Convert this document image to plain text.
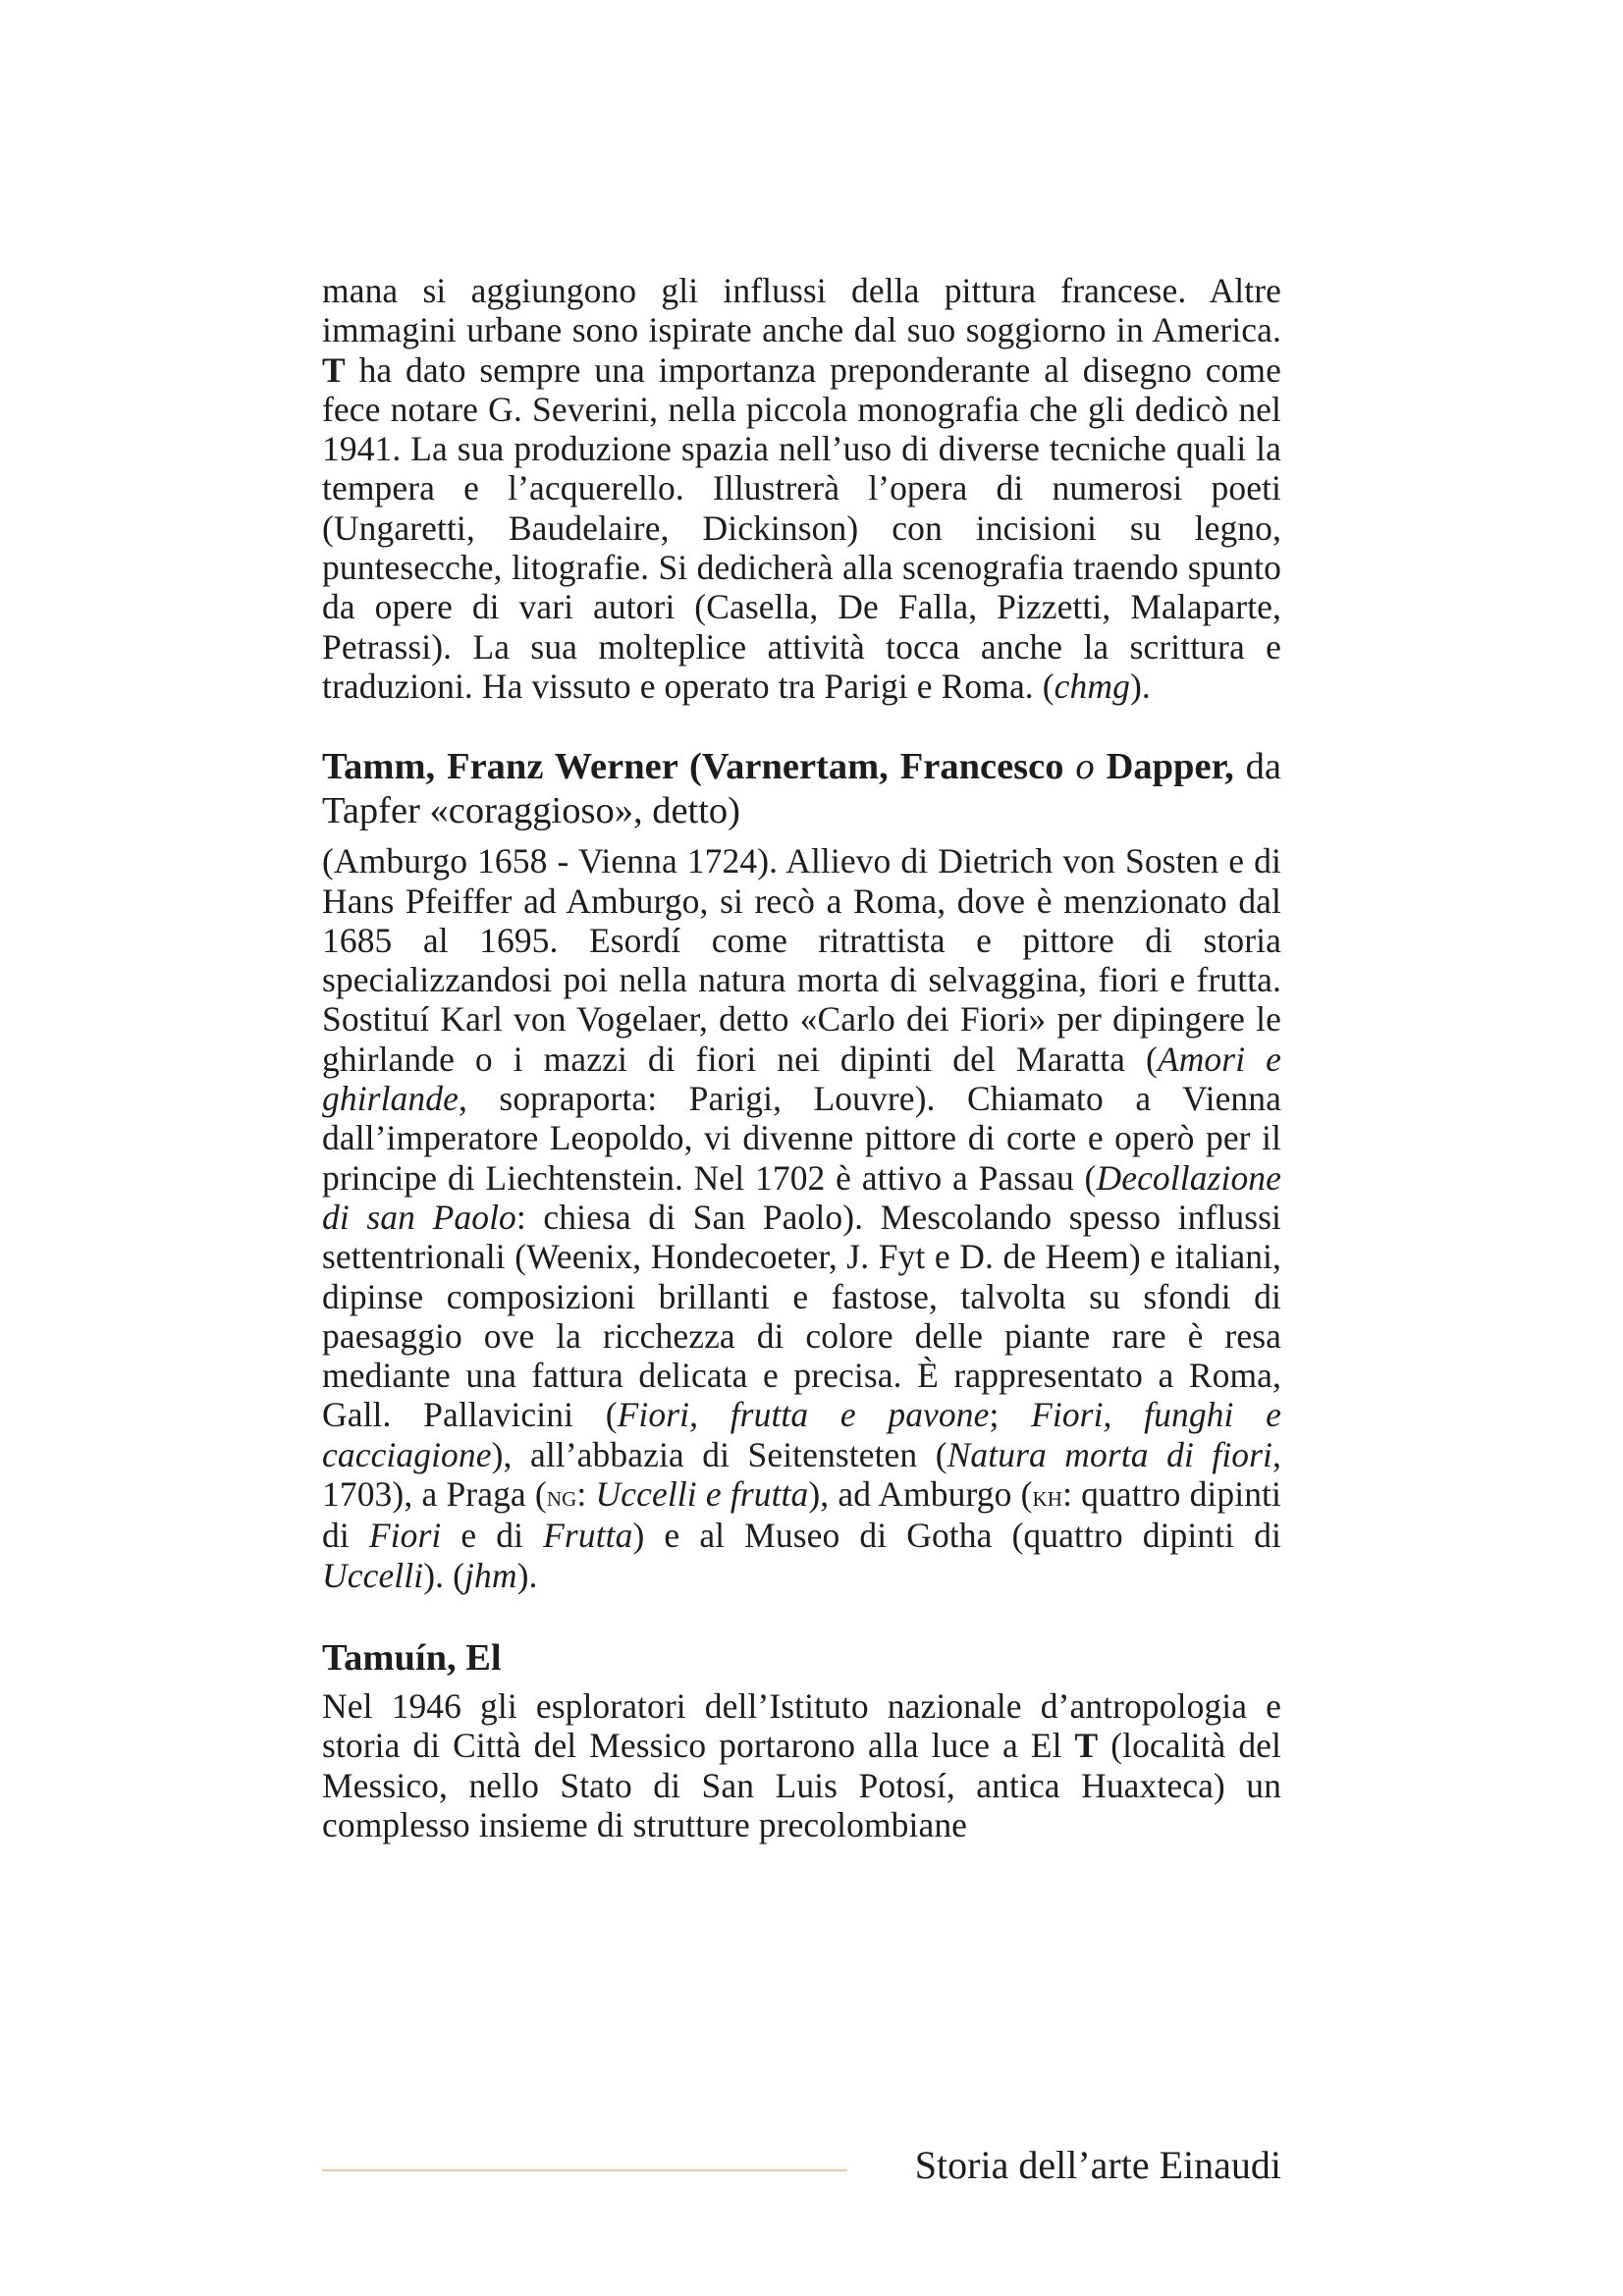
mana si aggiungono gli influssi della pittura francese. Altre immagini urbane sono ispirate anche dal suo soggiorno in America. T ha dato sempre una importanza preponderante al disegno come fece notare G. Severini, nella piccola monografia che gli dedicò nel 1941. La sua produzione spazia nell’uso di diverse tecniche quali la tempera e l’acquerello. Illustrerà l’opera di numerosi poeti (Ungaretti, Baudelaire, Dickinson) con incisioni su legno, puntesecche, litografie. Si dedicherà alla scenografia traendo spunto da opere di vari autori (Casella, De Falla, Pizzetti, Malaparte, Petrassi). La sua molteplice attività tocca anche la scrittura e traduzioni. Ha vissuto e operato tra Parigi e Roma. (chmg).

Tamm, Franz Werner (Varnertam, Francesco o Dapper, da Tapfer «coraggioso», detto)

(Amburgo 1658 - Vienna 1724). Allievo di Dietrich von Sosten e di Hans Pfeiffer ad Amburgo, si recò a Roma, dove è menzionato dal 1685 al 1695. Esordí come ritrattista e pittore di storia specializzandosi poi nella natura morta di selvaggina, fiori e frutta. Sostituí Karl von Vogelaer, detto «Carlo dei Fiori» per dipingere le ghirlande o i mazzi di fiori nei dipinti del Maratta (Amori e ghirlande, sopraporta: Parigi, Louvre). Chiamato a Vienna dall’imperatore Leopoldo, vi divenne pittore di corte e operò per il principe di Liechtenstein. Nel 1702 è attivo a Passau (Decollazione di san Paolo: chiesa di San Paolo). Mescolando spesso influssi settentrionali (Weenix, Hondecoeter, J. Fyt e D. de Heem) e italiani, dipinse composizioni brillanti e fastose, talvolta su sfondi di paesaggio ove la ricchezza di colore delle piante rare è resa mediante una fattura delicata e precisa. È rappresentato a Roma, Gall. Pallavicini (Fiori, frutta e pavone; Fiori, funghi e cacciagione), all’abbazia di Seitensteten (Natura morta di fiori, 1703), a Praga (ng: Uccelli e frutta), ad Amburgo (kh: quattro dipinti di Fiori e di Frutta) e al Museo di Gotha (quattro dipinti di Uccelli). (jhm).

Tamuín, El

Nel 1946 gli esploratori dell’Istituto nazionale d’antropologia e storia di Città del Messico portarono alla luce a El T (località del Messico, nello Stato di San Luis Potosí, antica Huaxteca) un complesso insieme di strutture precolombiane

Storia dell’arte Einaudi
